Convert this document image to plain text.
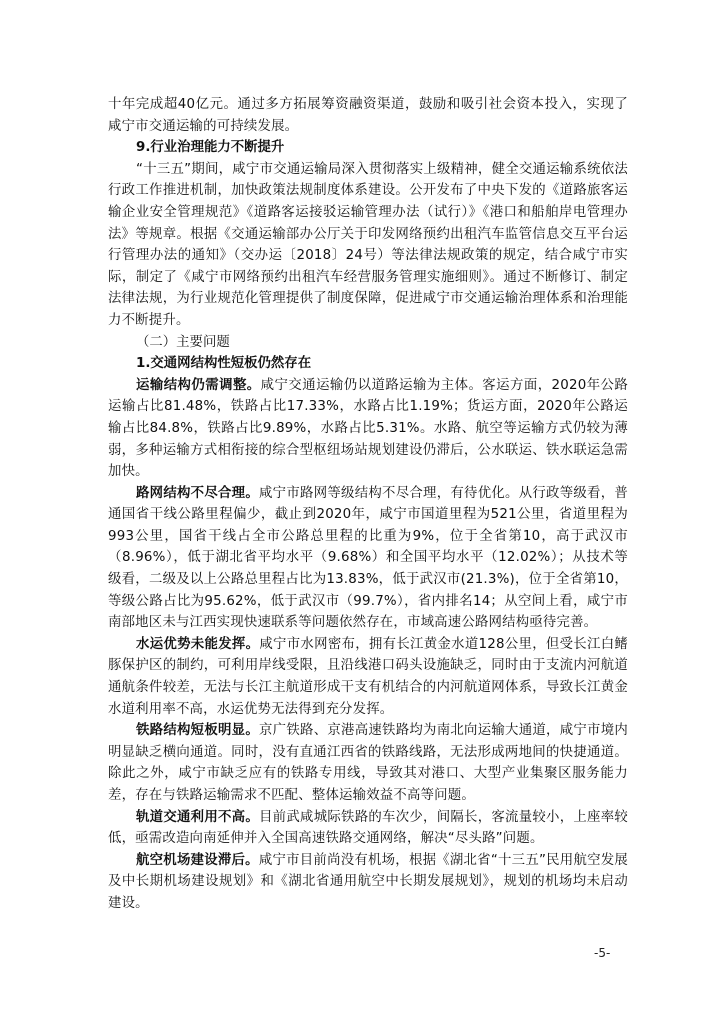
十年完成超40亿元。通过多方拓展筹资融资渠道，鼓励和吸引社会资本投入，实现了咸宁市交通运输的可持续发展。

9.行业治理能力不断提升

“十三五”期间，咸宁市交通运输局深入贯彻落实上级精神，健全交通运输系统依法行政工作推进机制，加快政策法规制度体系建设。公开发布了中央下发的《道路旅客运输企业安全管理规范》《道路客运接驳运输管理办法（试行）》《港口和船舶岸电管理办法》等规章。根据《交通运输部办公厅关于印发网络预约出租汽车监管信息交互平台运行管理办法的通知》（交办运〔2018〕24号）等法律法规政策的规定，结合咸宁市实际，制定了《咸宁市网络预约出租汽车经营服务管理实施细则》。通过不断修订、制定法律法规，为行业规范化管理提供了制度保障，促进咸宁市交通运输治理体系和治理能力不断提升。

（二）主要问题

1.交通网结构性短板仍然存在

运输结构仍需调整。咸宁交通运输仍以道路运输为主体。客运方面，2020年公路运输占比81.48%，铁路占比17.33%，水路占比1.19%；货运方面，2020年公路运输占比84.8%，铁路占比9.89%，水路占比5.31%。水路、航空等运输方式仍较为薄弱，多种运输方式相衔接的综合型枢纽场站规划建设仍滞后，公水联运、铁水联运急需加快。

路网结构不尽合理。咸宁市路网等级结构不尽合理，有待优化。从行政等级看，普通国省干线公路里程偏少，截止到2020年，咸宁市国道里程为521公里，省道里程为993公里，国省干线占全市公路总里程的比重为9%，位于全省第10，高于武汉市（8.96%），低于湖北省平均水平（9.68%）和全国平均水平（12.02%）；从技术等级看，二级及以上公路总里程占比为13.83%，低于武汉市(21.3%)，位于全省第10，等级公路占比为95.62%，低于武汉市（99.7%），省内排名14；从空间上看，咸宁市南部地区未与江西实现快速联系等问题依然存在，市域高速公路网结构亟待完善。

水运优势未能发挥。咸宁市水网密布，拥有长江黄金水道128公里，但受长江白鳍豚保护区的制约，可利用岸线受限，且沿线港口码头设施缺乏，同时由于支流内河航道通航条件较差，无法与长江主航道形成干支有机结合的内河航道网体系，导致长江黄金水道利用率不高，水运优势无法得到充分发挥。

铁路结构短板明显。京广铁路、京港高速铁路均为南北向运输大通道，咸宁市境内明显缺乏横向通道。同时，没有直通江西省的铁路线路，无法形成两地间的快捷通道。除此之外，咸宁市缺乏应有的铁路专用线，导致其对港口、大型产业集聚区服务能力差，存在与铁路运输需求不匹配、整体运输效益不高等问题。

轨道交通利用不高。目前武咸城际铁路的车次少，间隔长，客流量较小，上座率较低，亟需改造向南延伸并入全国高速铁路交通网络，解决“尽头路”问题。

航空机场建设滞后。咸宁市目前尚没有机场，根据《湖北省“十三五”民用航空发展及中长期机场建设规划》和《湖北省通用航空中长期发展规划》，规划的机场均未启动建设。

-5-
